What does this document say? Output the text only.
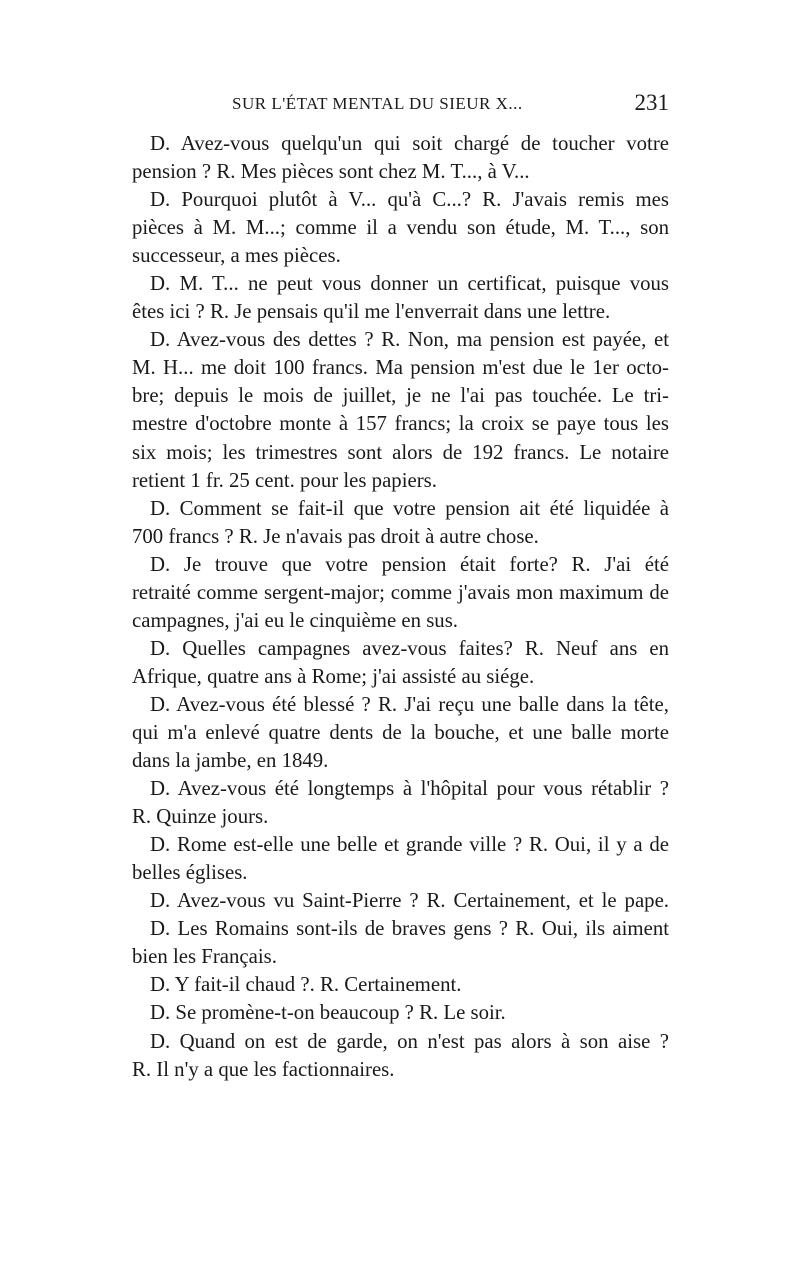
SUR L'ÉTAT MENTAL DU SIEUR X...	231
D. Avez-vous quelqu'un qui soit chargé de toucher votre
pension ? R. Mes pièces sont chez M. T..., à V...
D. Pourquoi plutôt à V... qu'à C...? R. J'avais remis mes
pièces à M. M...; comme il a vendu son étude, M. T..., son
successeur, a mes pièces.
D. M. T... ne peut vous donner un certificat, puisque vous
êtes ici ? R. Je pensais qu'il me l'enverrait dans une lettre.
D. Avez-vous des dettes ? R. Non, ma pension est payée, et
M. H... me doit 100 francs. Ma pension m'est due le 1er octo-
bre; depuis le mois de juillet, je ne l'ai pas touchée. Le tri-
mestre d'octobre monte à 157 francs; la croix se paye tous les
six mois; les trimestres sont alors de 192 francs. Le notaire
retient 1 fr. 25 cent. pour les papiers.
D. Comment se fait-il que votre pension ait été liquidée à
700 francs ? R. Je n'avais pas droit à autre chose.
D. Je trouve que votre pension était forte? R. J'ai été
retraité comme sergent-major; comme j'avais mon maximum de
campagnes, j'ai eu le cinquième en sus.
D. Quelles campagnes avez-vous faites? R. Neuf ans en
Afrique, quatre ans à Rome; j'ai assisté au siége.
D. Avez-vous été blessé ? R. J'ai reçu une balle dans la tête,
qui m'a enlevé quatre dents de la bouche, et une balle morte
dans la jambe, en 1849.
D. Avez-vous été longtemps à l'hôpital pour vous rétablir ?
R. Quinze jours.
D. Rome est-elle une belle et grande ville ? R. Oui, il y a de
belles églises.
D. Avez-vous vu Saint-Pierre ? R. Certainement, et le pape.
D. Les Romains sont-ils de braves gens ? R. Oui, ils aiment
bien les Français.
D. Y fait-il chaud ?. R. Certainement.
D. Se promène-t-on beaucoup ? R. Le soir.
D. Quand on est de garde, on n'est pas alors à son aise ?
R. Il n'y a que les factionnaires.
